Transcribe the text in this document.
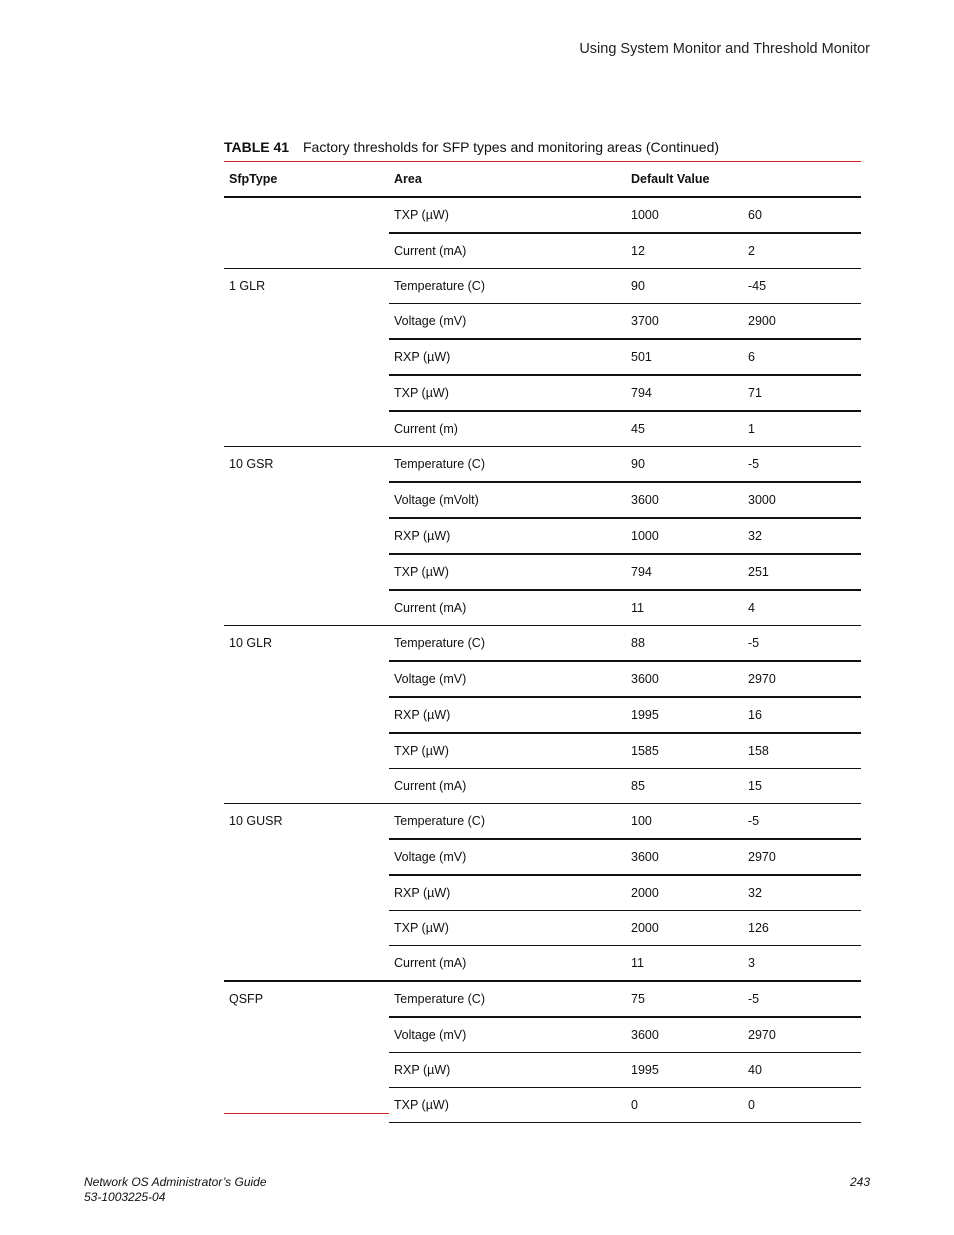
Using System Monitor and Threshold Monitor
TABLE 41 Factory thresholds for SFP types and monitoring areas (Continued)
SfpType	Area	Default Value
TXP (µW)	1000	60
Current (mA)	12	2
1 GLR	Temperature (C)	90	-45
Voltage (mV)	3700	2900
RXP (µW)	501	6
TXP (µW)	794	71
Current (m)	45	1
10 GSR	Temperature (C)	90	-5
Voltage (mVolt)	3600	3000
RXP (µW)	1000	32
TXP (µW)	794	251
Current (mA)	11	4
10 GLR	Temperature (C)	88	-5
Voltage (mV)	3600	2970
RXP (µW)	1995	16
TXP (µW)	1585	158
Current (mA)	85	15
10 GUSR	Temperature (C)	100	-5
Voltage (mV)	3600	2970
RXP (µW)	2000	32
TXP (µW)	2000	126
Current (mA)	11	3
QSFP	Temperature (C)	75	-5
Voltage (mV)	3600	2970
RXP (µW)	1995	40
TXP (µW)	0	0
Network OS Administrator’s Guide
53-1003225-04
243
